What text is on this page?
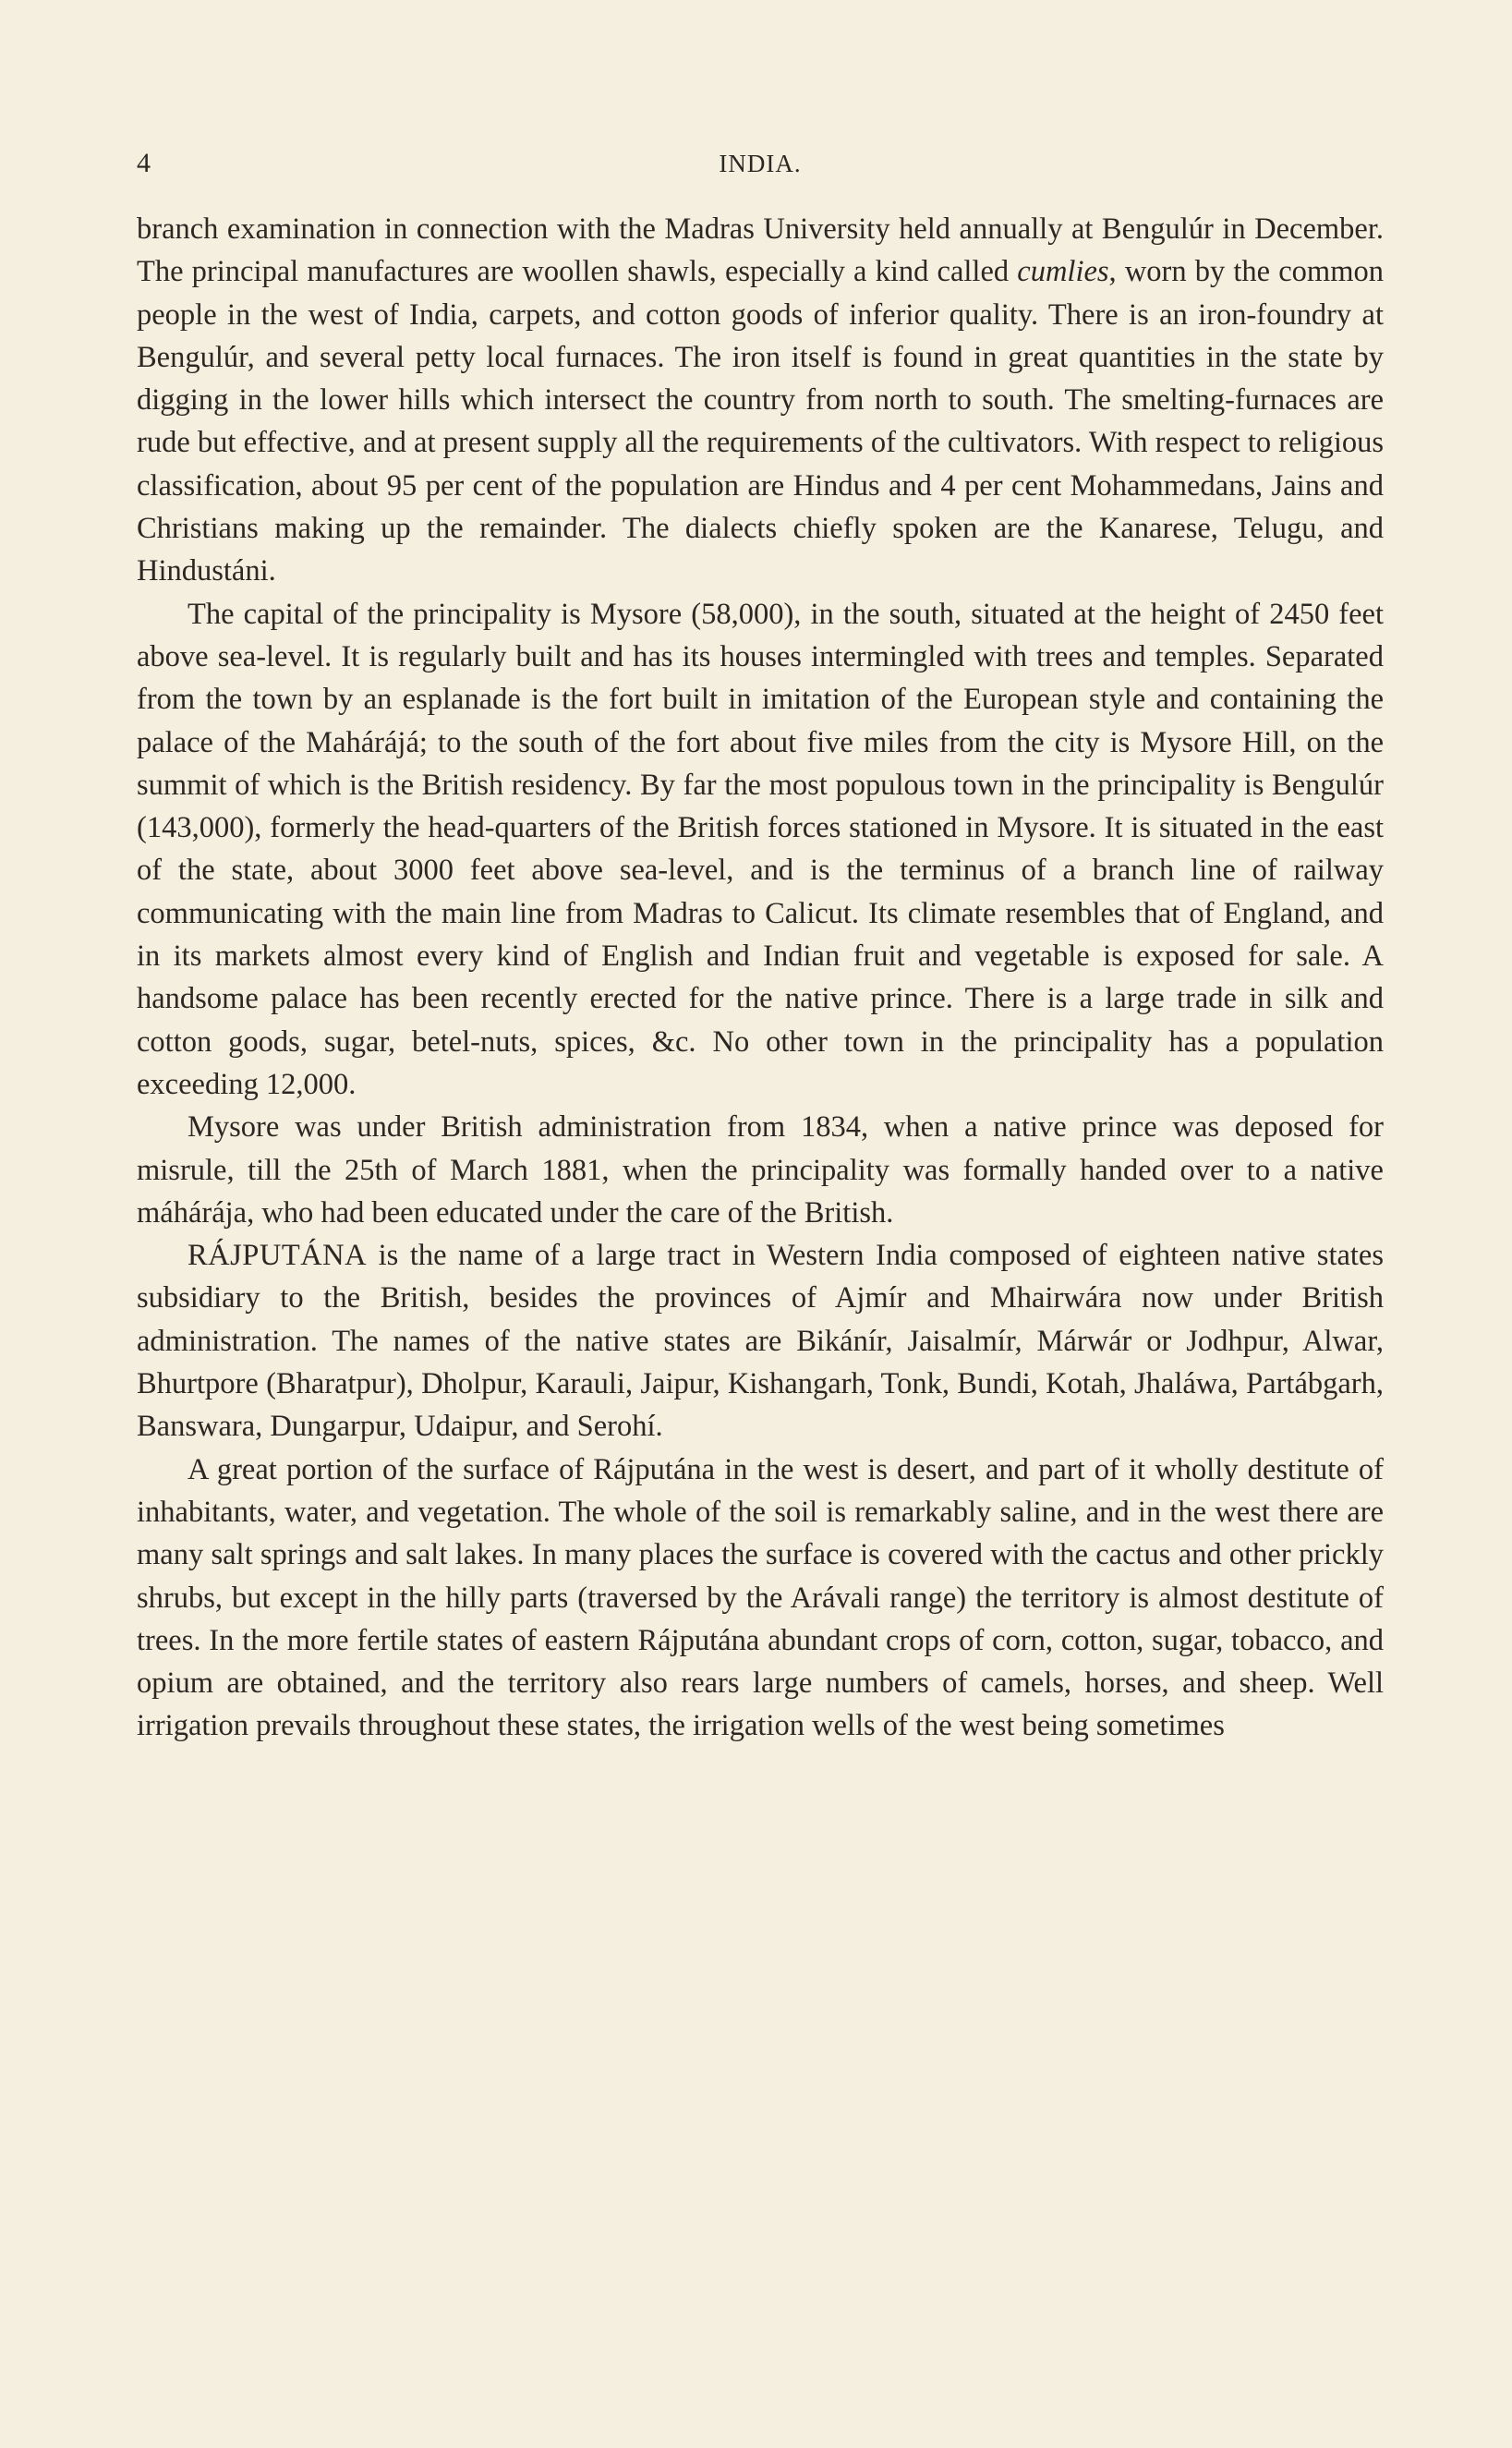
4	INDIA.

branch examination in connection with the Madras University held annually at Bengulúr in December. The principal manufactures are woollen shawls, especially a kind called cumlies, worn by the common people in the west of India, carpets, and cotton goods of inferior quality. There is an iron-foundry at Bengulúr, and several petty local furnaces. The iron itself is found in great quantities in the state by digging in the lower hills which intersect the country from north to south. The smelting-furnaces are rude but effective, and at present supply all the requirements of the cultivators. With respect to religious classification, about 95 per cent of the population are Hindus and 4 per cent Mohammedans, Jains and Christians making up the remainder. The dialects chiefly spoken are the Kanarese, Telugu, and Hindustáni.

The capital of the principality is Mysore (58,000), in the south, situated at the height of 2450 feet above sea-level. It is regularly built and has its houses intermingled with trees and temples. Separated from the town by an esplanade is the fort built in imitation of the European style and containing the palace of the Mahárájá; to the south of the fort about five miles from the city is Mysore Hill, on the summit of which is the British residency. By far the most populous town in the principality is Bengulúr (143,000), formerly the head-quarters of the British forces stationed in Mysore. It is situated in the east of the state, about 3000 feet above sea-level, and is the terminus of a branch line of railway communicating with the main line from Madras to Calicut. Its climate resembles that of England, and in its markets almost every kind of English and Indian fruit and vegetable is exposed for sale. A handsome palace has been recently erected for the native prince. There is a large trade in silk and cotton goods, sugar, betel-nuts, spices, &c. No other town in the principality has a population exceeding 12,000.

Mysore was under British administration from 1834, when a native prince was deposed for misrule, till the 25th of March 1881, when the principality was formally handed over to a native máhárája, who had been educated under the care of the British.

RÁJPUTÁNA is the name of a large tract in Western India composed of eighteen native states subsidiary to the British, besides the provinces of Ajmír and Mhairwára now under British administration. The names of the native states are Bikánír, Jaisalmír, Márwár or Jodhpur, Alwar, Bhurtpore (Bharatpur), Dholpur, Karauli, Jaipur, Kishangarh, Tonk, Bundi, Kotah, Jhaláwa, Partábgarh, Banswara, Dungarpur, Udaipur, and Serohí.

A great portion of the surface of Rájputána in the west is desert, and part of it wholly destitute of inhabitants, water, and vegetation. The whole of the soil is remarkably saline, and in the west there are many salt springs and salt lakes. In many places the surface is covered with the cactus and other prickly shrubs, but except in the hilly parts (traversed by the Arávali range) the territory is almost destitute of trees. In the more fertile states of eastern Rájputána abundant crops of corn, cotton, sugar, tobacco, and opium are obtained, and the territory also rears large numbers of camels, horses, and sheep. Well irrigation prevails throughout these states, the irrigation wells of the west being sometimes
